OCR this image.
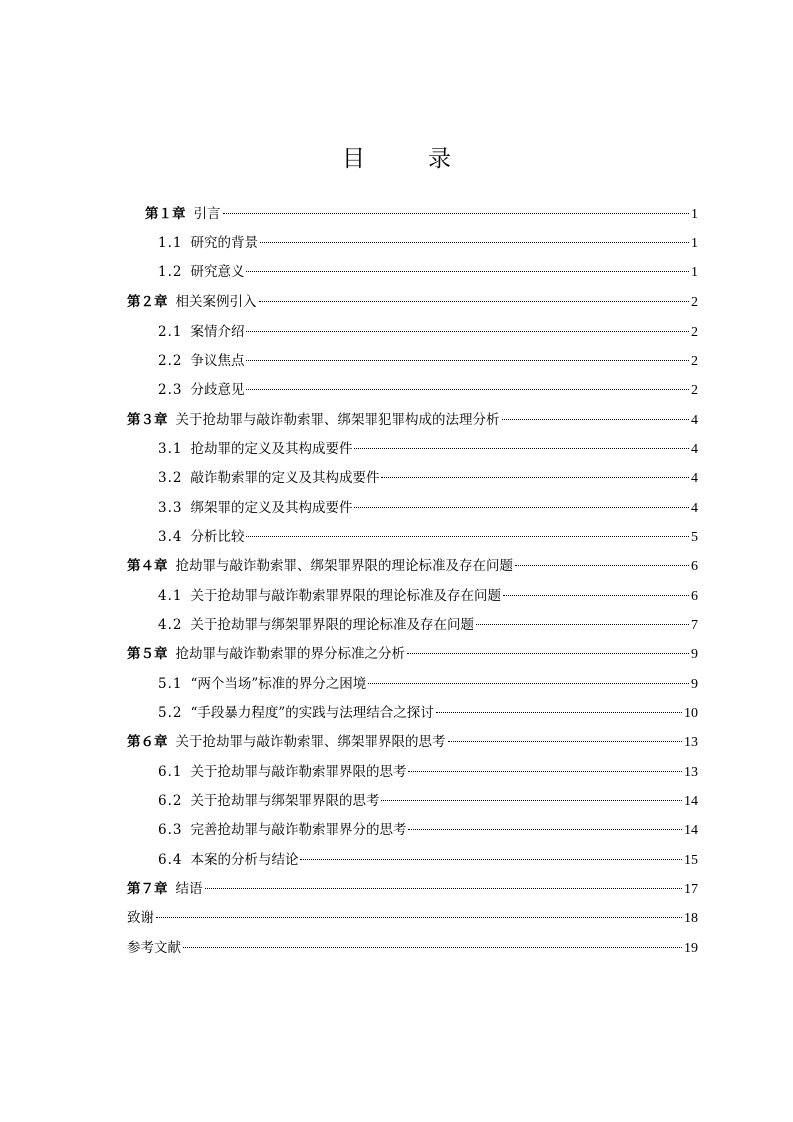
目　录
第１章 引言	1
1.1 研究的背景	1
1.2 研究意义	1
第２章 相关案例引入	2
2.1 案情介绍	2
2.2 争议焦点	2
2.3 分歧意见	2
第３章 关于抢劫罪与敲诈勒索罪、绑架罪犯罪构成的法理分析	4
3.1 抢劫罪的定义及其构成要件	4
3.2 敲诈勒索罪的定义及其构成要件	4
3.3 绑架罪的定义及其构成要件	4
3.4 分析比较	5
第４章 抢劫罪与敲诈勒索罪、绑架罪界限的理论标准及存在问题	6
4.1 关于抢劫罪与敲诈勒索罪界限的理论标准及存在问题	6
4.2 关于抢劫罪与绑架罪界限的理论标准及存在问题	7
第５章 抢劫罪与敲诈勒索罪的界分标准之分析	9
5.1 “两个当场”标准的界分之困境	9
5.2 “手段暴力程度”的实践与法理结合之探讨	10
第６章 关于抢劫罪与敲诈勒索罪、绑架罪界限的思考	13
6.1 关于抢劫罪与敲诈勒索罪界限的思考	13
6.2 关于抢劫罪与绑架罪界限的思考	14
6.3 完善抢劫罪与敲诈勒索罪界分的思考	14
6.4 本案的分析与结论	15
第７章 结语	17
致谢	18
参考文献	19
